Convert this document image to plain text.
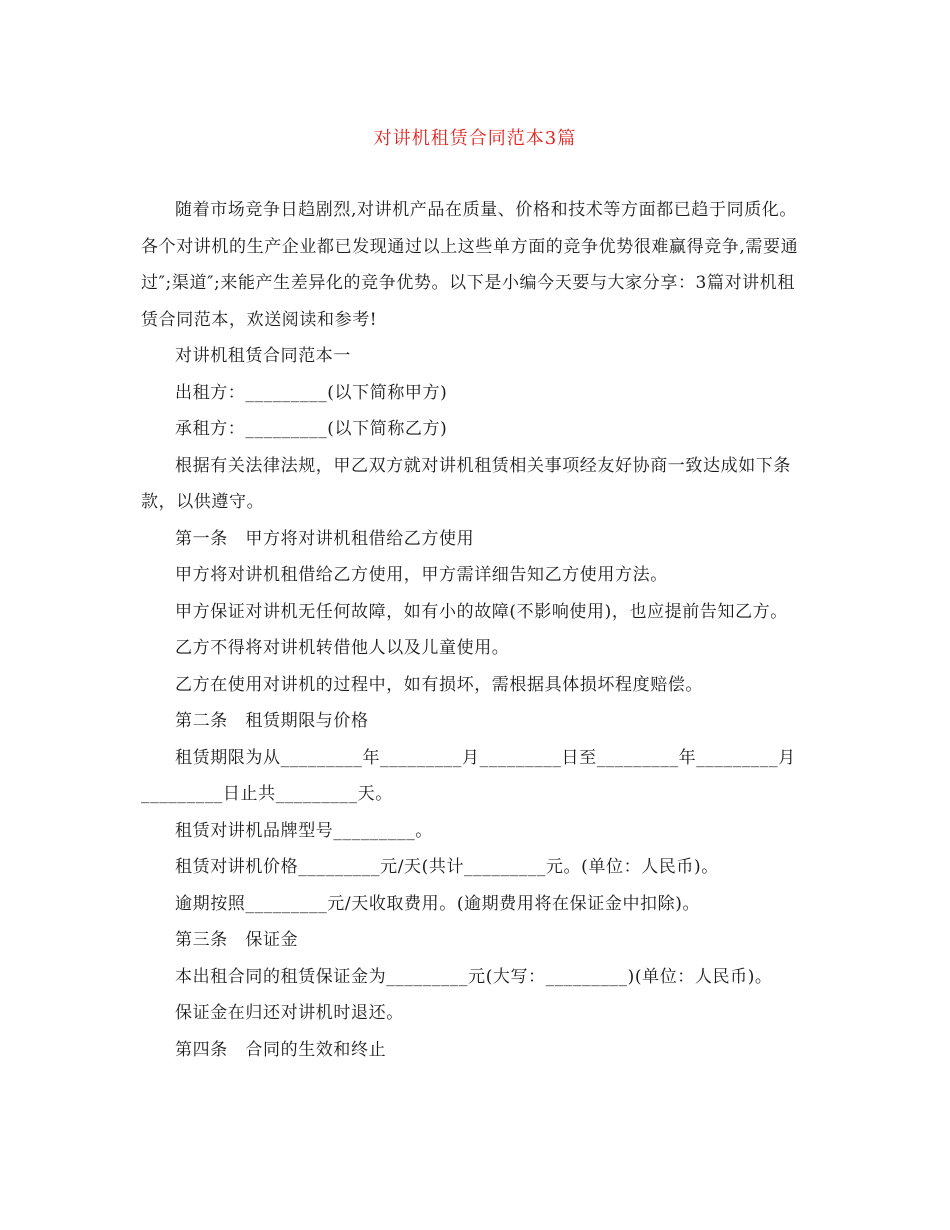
对讲机租赁合同范本3篇

随着市场竞争日趋剧烈,对讲机产品在质量、价格和技术等方面都已趋于同质化。各个对讲机的生产企业都已发现通过以上这些单方面的竞争优势很难赢得竞争,需要通过″;渠道″;来能产生差异化的竞争优势。以下是小编今天要与大家分享：3篇对讲机租赁合同范本，欢送阅读和参考!

对讲机租赁合同范本一

出租方：_________(以下简称甲方)

承租方：_________(以下简称乙方)

根据有关法律法规，甲乙双方就对讲机租赁相关事项经友好协商一致达成如下条款，以供遵守。

第一条　甲方将对讲机租借给乙方使用

甲方将对讲机租借给乙方使用，甲方需详细告知乙方使用方法。

甲方保证对讲机无任何故障，如有小的故障(不影响使用)，也应提前告知乙方。

乙方不得将对讲机转借他人以及儿童使用。

乙方在使用对讲机的过程中，如有损坏，需根据具体损坏程度赔偿。

第二条　租赁期限与价格

租赁期限为从_________年_________月_________日至_________年_________月_________日止共_________天。

租赁对讲机品牌型号_________。

租赁对讲机价格_________元/天(共计_________元。(单位：人民币)。

逾期按照_________元/天收取费用。(逾期费用将在保证金中扣除)。

第三条　保证金

本出租合同的租赁保证金为_________元(大写：_________)(单位：人民币)。

保证金在归还对讲机时退还。

第四条　合同的生效和终止
